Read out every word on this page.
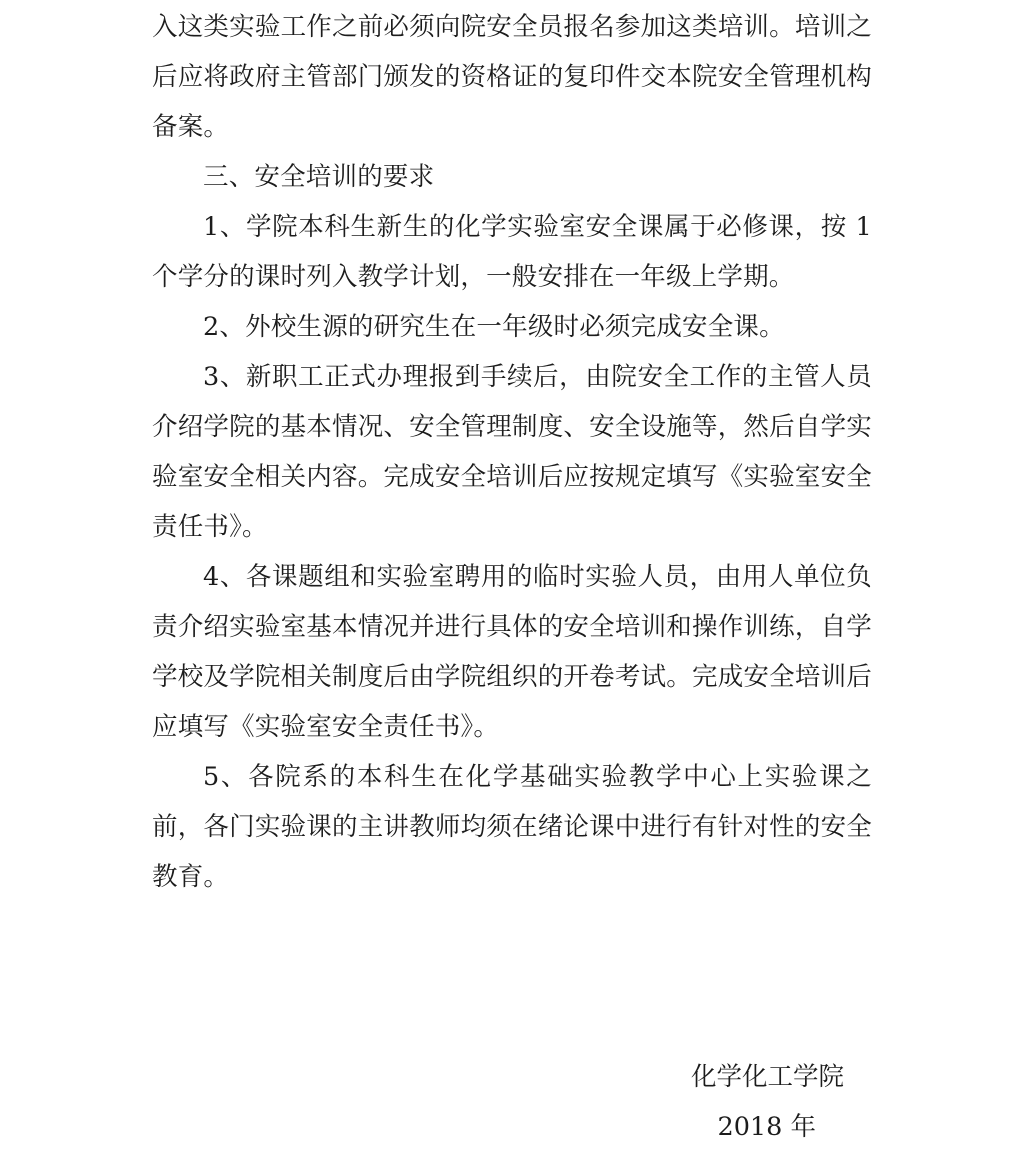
入这类实验工作之前必须向院安全员报名参加这类培训。培训之后应将政府主管部门颁发的资格证的复印件交本院安全管理机构备案。

三、安全培训的要求

1、学院本科生新生的化学实验室安全课属于必修课，按 1 个学分的课时列入教学计划，一般安排在一年级上学期。

2、外校生源的研究生在一年级时必须完成安全课。

3、新职工正式办理报到手续后，由院安全工作的主管人员介绍学院的基本情况、安全管理制度、安全设施等，然后自学实验室安全相关内容。完成安全培训后应按规定填写《实验室安全责任书》。

4、各课题组和实验室聘用的临时实验人员，由用人单位负责介绍实验室基本情况并进行具体的安全培训和操作训练，自学学校及学院相关制度后由学院组织的开卷考试。完成安全培训后应填写《实验室安全责任书》。

5、各院系的本科生在化学基础实验教学中心上实验课之前，各门实验课的主讲教师均须在绪论课中进行有针对性的安全教育。

化学化工学院

2018 年
